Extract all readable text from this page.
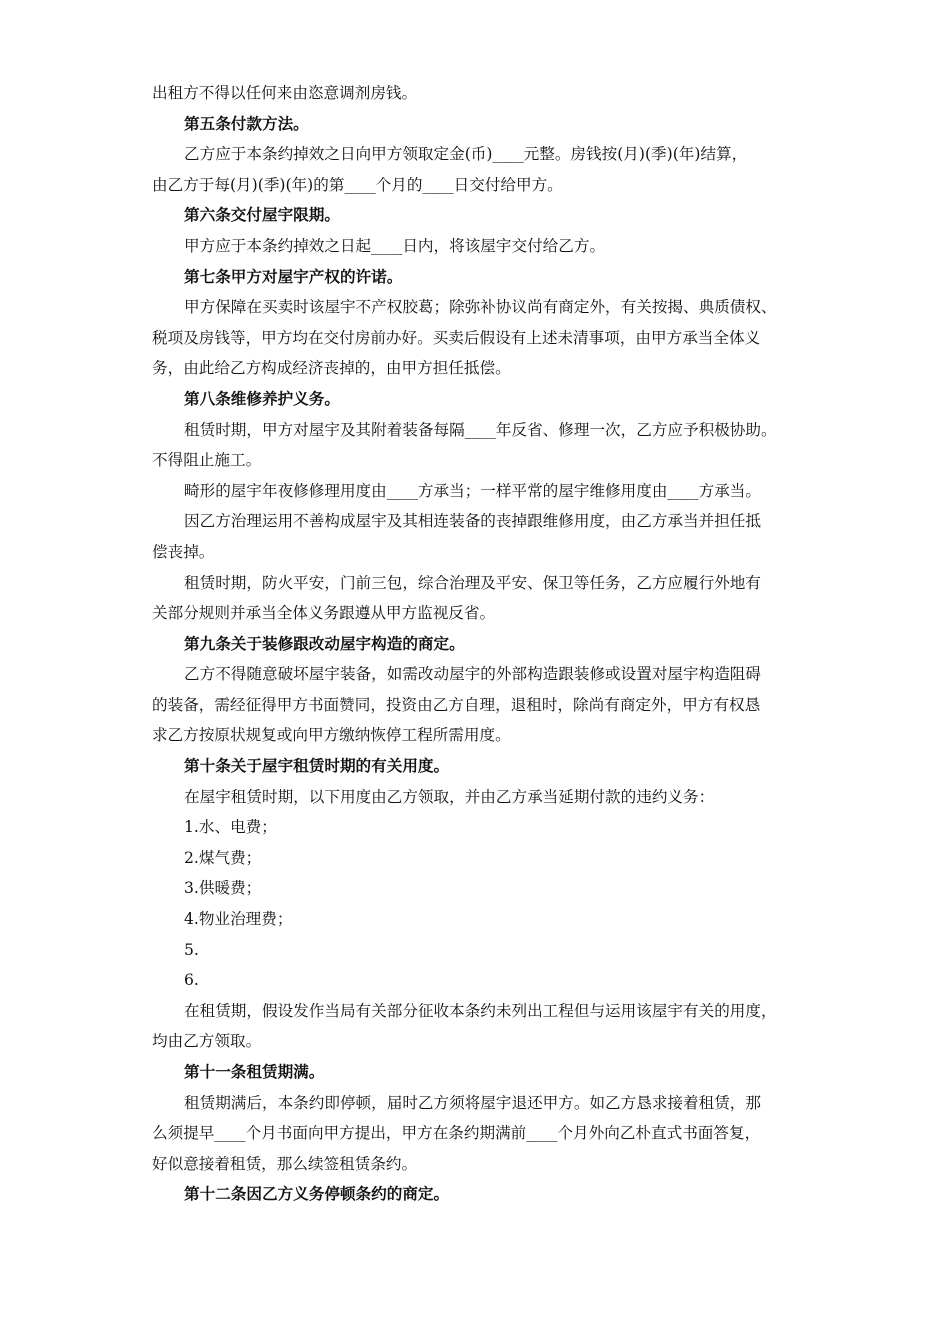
出租方不得以任何来由恣意调剂房钱。
第五条付款方法。
乙方应于本条约掉效之日向甲方领取定金(币)____元整。房钱按(月)(季)(年)结算，
由乙方于每(月)(季)(年)的第____个月的____日交付给甲方。
第六条交付屋宇限期。
甲方应于本条约掉效之日起____日内，将该屋宇交付给乙方。
第七条甲方对屋宇产权的许诺。
甲方保障在买卖时该屋宇不产权胶葛；除弥补协议尚有商定外，有关按揭、典质债权、
税项及房钱等，甲方均在交付房前办好。买卖后假设有上述未清事项，由甲方承当全体义
务，由此给乙方构成经济丧掉的，由甲方担任抵偿。
第八条维修养护义务。
租赁时期，甲方对屋宇及其附着装备每隔____年反省、修理一次，乙方应予积极协助。
不得阻止施工。
畸形的屋宇年夜修修理用度由____方承当；一样平常的屋宇维修用度由____方承当。
因乙方治理运用不善构成屋宇及其相连装备的丧掉跟维修用度，由乙方承当并担任抵
偿丧掉。
租赁时期，防火平安，门前三包，综合治理及平安、保卫等任务，乙方应履行外地有
关部分规则并承当全体义务跟遵从甲方监视反省。
第九条关于装修跟改动屋宇构造的商定。
乙方不得随意破坏屋宇装备，如需改动屋宇的外部构造跟装修或设置对屋宇构造阻碍
的装备，需经征得甲方书面赞同，投资由乙方自理，退租时，除尚有商定外，甲方有权恳
求乙方按原状规复或向甲方缴纳恢停工程所需用度。
第十条关于屋宇租赁时期的有关用度。
在屋宇租赁时期，以下用度由乙方领取，并由乙方承当延期付款的违约义务：
1.水、电费；
2.煤气费；
3.供暖费；
4.物业治理费；
5.
6.
在租赁期，假设发作当局有关部分征收本条约未列出工程但与运用该屋宇有关的用度，
均由乙方领取。
第十一条租赁期满。
租赁期满后，本条约即停顿，届时乙方须将屋宇退还甲方。如乙方恳求接着租赁，那
么须提早____个月书面向甲方提出，甲方在条约期满前____个月外向乙朴直式书面答复，
好似意接着租赁，那么续签租赁条约。
第十二条因乙方义务停顿条约的商定。
